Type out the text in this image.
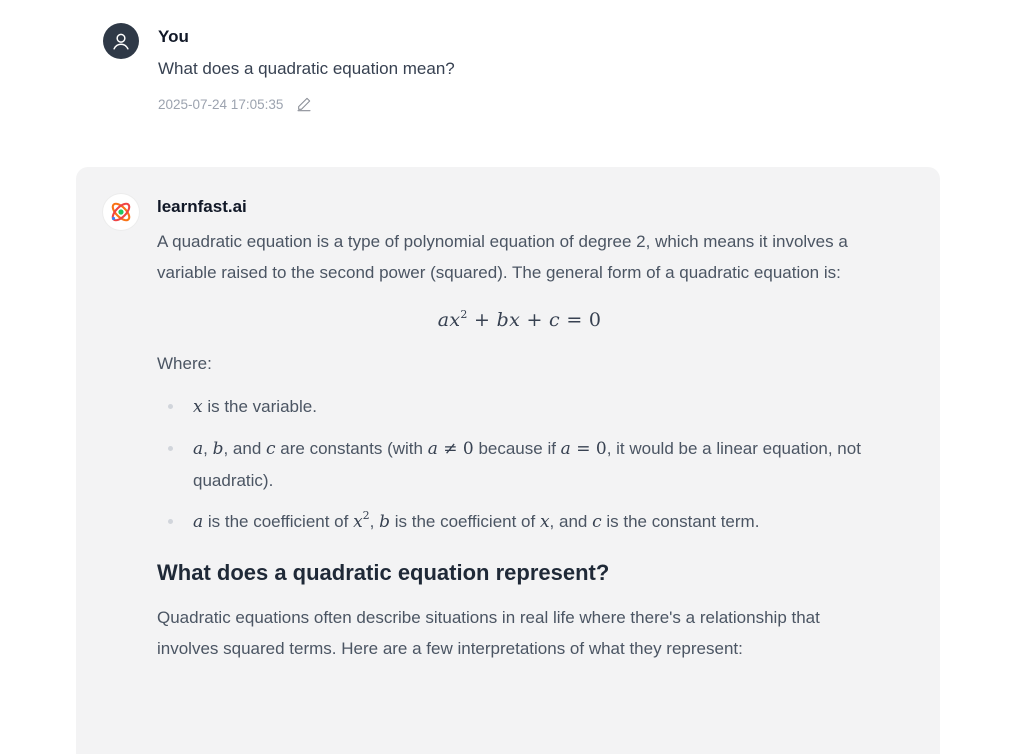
You
What does a quadratic equation mean?
2025-07-24 17:05:35
learnfast.ai

A quadratic equation is a type of polynomial equation of degree 2, which means it involves a variable raised to the second power (squared). The general form of a quadratic equation is:

$ax^2$ + bx + c = 0

Where:

x is the variable.
a, b, and c are constants (with a ≠ 0 because if a = 0, it would be a linear equation, not quadratic).
a is the coefficient of $x^2$, b is the coefficient of x, and c is the constant term.
What does a quadratic equation represent?

Quadratic equations often describe situations in real life where there's a relationship that involves squared terms. Here are a few interpretations of what they represent:
